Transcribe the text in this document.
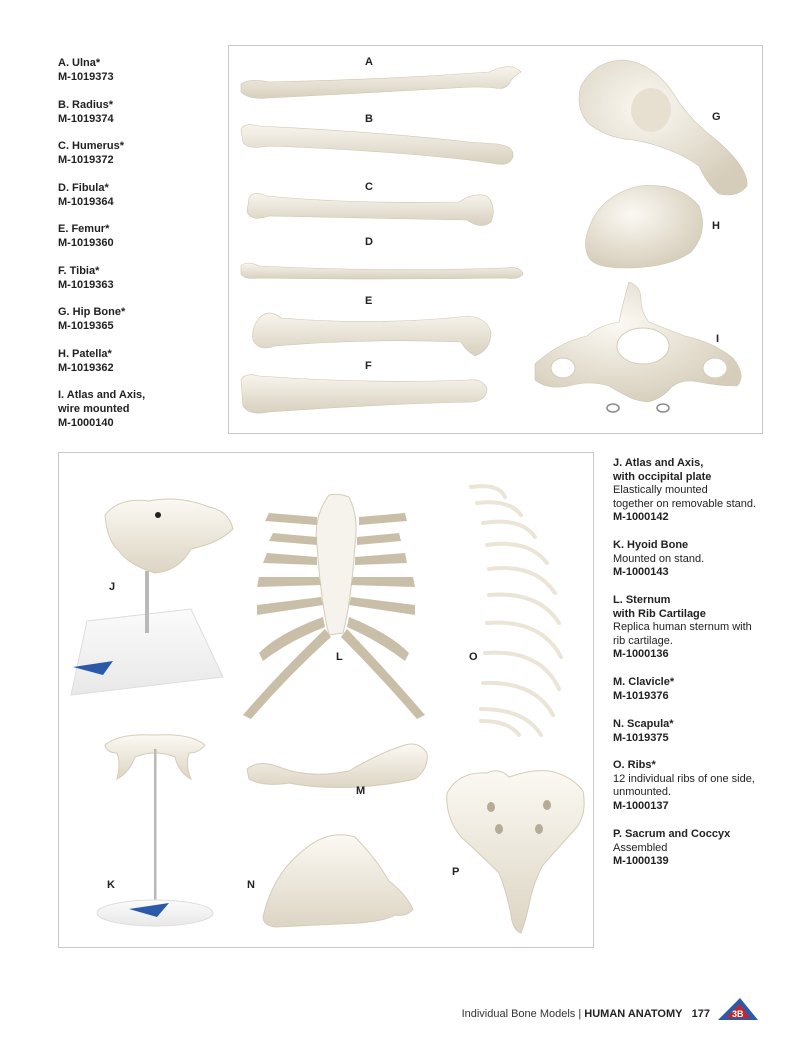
A. Ulna*
M-1019373
B. Radius*
M-1019374
C. Humerus*
M-1019372
D. Fibula*
M-1019364
E. Femur*
M-1019360
F. Tibia*
M-1019363
G. Hip Bone*
M-1019365
H. Patella*
M-1019362
I. Atlas and Axis,
wire mounted
M-1000140
A
B
C
D
E
F
G
H
I
J
K
L
M
N
O
P
J. Atlas and Axis,
with occipital plate
Elastically mounted
together on removable stand.
M-1000142
K. Hyoid Bone
Mounted on stand.
M-1000143
L. Sternum
with Rib Cartilage
Replica human sternum with
rib cartilage.
M-1000136
M. Clavicle*
M-1019376
N. Scapula*
M-1019375
O. Ribs*
12 individual ribs of one side,
unmounted.
M-1000137
P. Sacrum and Coccyx
Assembled
M-1000139
Individual Bone Models | HUMAN ANATOMY 177 3B
